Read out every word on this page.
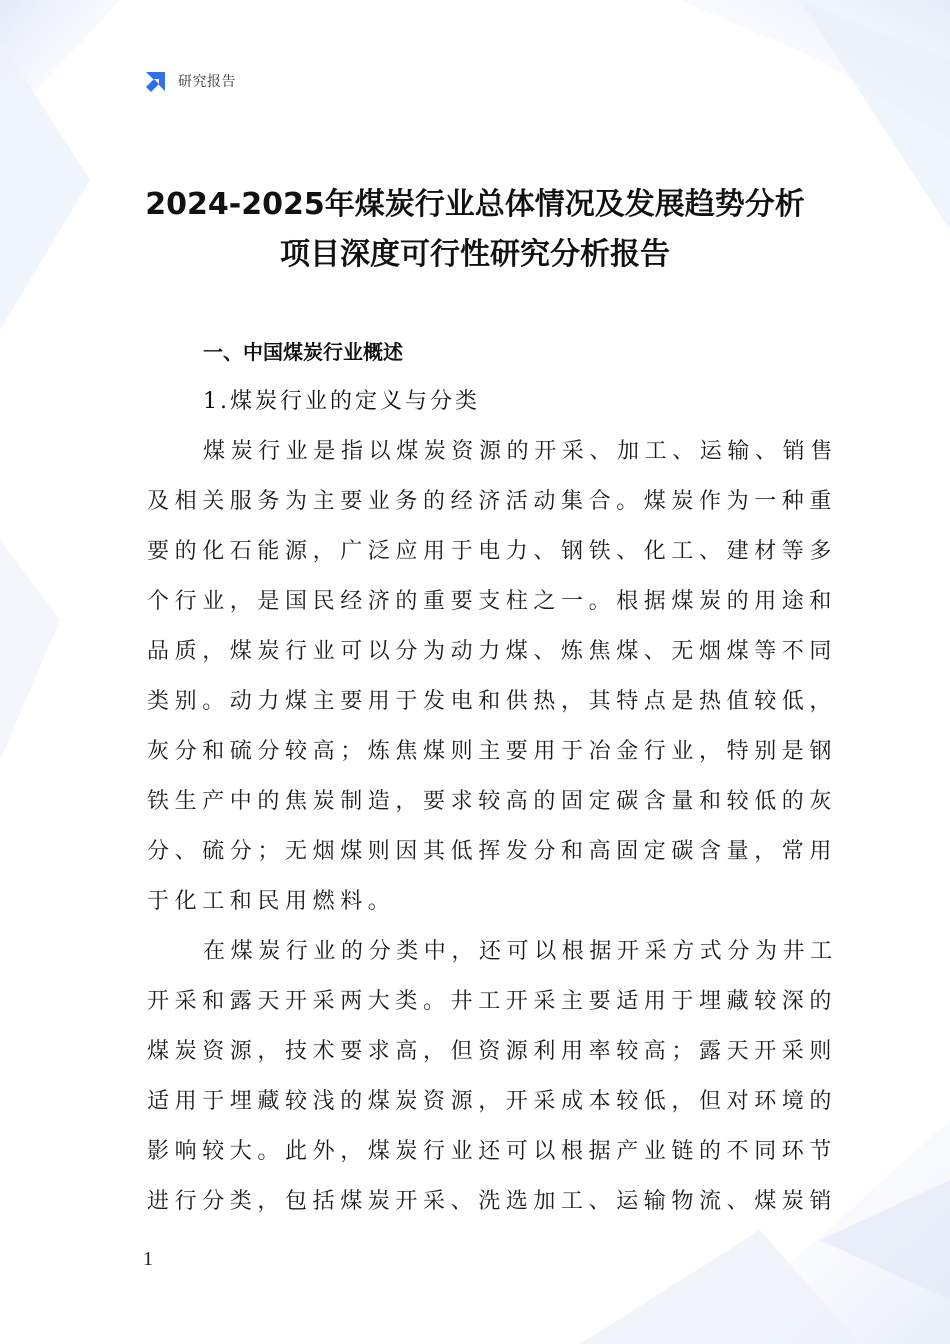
研究报告
2024-2025年煤炭行业总体情况及发展趋势分析
项目深度可行性研究分析报告
一、中国煤炭行业概述
1.煤炭行业的定义与分类
煤炭行业是指以煤炭资源的开采、加工、运输、销售
及相关服务为主要业务的经济活动集合。煤炭作为一种重
要的化石能源，广泛应用于电力、钢铁、化工、建材等多
个行业，是国民经济的重要支柱之一。根据煤炭的用途和
品质，煤炭行业可以分为动力煤、炼焦煤、无烟煤等不同
类别。动力煤主要用于发电和供热，其特点是热值较低，
灰分和硫分较高；炼焦煤则主要用于冶金行业，特别是钢
铁生产中的焦炭制造，要求较高的固定碳含量和较低的灰
分、硫分；无烟煤则因其低挥发分和高固定碳含量，常用
于化工和民用燃料。
在煤炭行业的分类中，还可以根据开采方式分为井工
开采和露天开采两大类。井工开采主要适用于埋藏较深的
煤炭资源，技术要求高，但资源利用率较高；露天开采则
适用于埋藏较浅的煤炭资源，开采成本较低，但对环境的
影响较大。此外，煤炭行业还可以根据产业链的不同环节
进行分类，包括煤炭开采、洗选加工、运输物流、煤炭销
1
